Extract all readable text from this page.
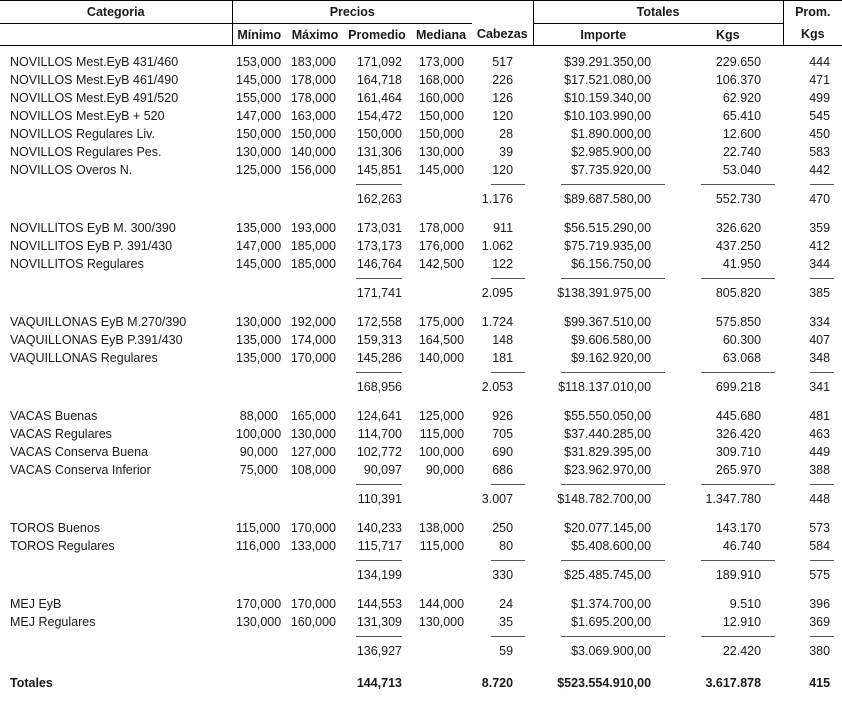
Categoria	Precios					Totales		Prom.
	Mínimo	Máximo	Promedio	Mediana	Cabezas	Importe	Kgs	Kgs

NOVILLOS Mest.EyB 431/460	153,000	183,000	171,092	173,000	517	$39.291.350,00	229.650	444
NOVILLOS Mest.EyB 461/490	145,000	178,000	164,718	168,000	226	$17.521.080,00	106.370	471
NOVILLOS Mest.EyB 491/520	155,000	178,000	161,464	160,000	126	$10.159.340,00	62.920	499
NOVILLOS Mest.EyB + 520	147,000	163,000	154,472	150,000	120	$10.103.990,00	65.410	545
NOVILLOS Regulares Liv.	150,000	150,000	150,000	150,000	28	$1.890.000,00	12.600	450
NOVILLOS Regulares Pes.	130,000	140,000	131,306	130,000	39	$2.985.900,00	22.740	583
NOVILLOS Overos N.	125,000	156,000	145,851	145,000	120	$7.735.920,00	53.040	442

			162,263		1.176	$89.687.580,00	552.730	470

NOVILLITOS EyB M. 300/390	135,000	193,000	173,031	178,000	911	$56.515.290,00	326.620	359
NOVILLITOS EyB P. 391/430	147,000	185,000	173,173	176,000	1.062	$75.719.935,00	437.250	412
NOVILLITOS Regulares	145,000	185,000	146,764	142,500	122	$6.156.750,00	41.950	344

			171,741		2.095	$138.391.975,00	805.820	385

VAQUILLONAS EyB M.270/390	130,000	192,000	172,558	175,000	1.724	$99.367.510,00	575.850	334
VAQUILLONAS EyB P.391/430	135,000	174,000	159,313	164,500	148	$9.606.580,00	60.300	407
VAQUILLONAS Regulares	135,000	170,000	145,286	140,000	181	$9.162.920,00	63.068	348

			168,956		2.053	$118.137.010,00	699.218	341

VACAS Buenas	88,000	165,000	124,641	125,000	926	$55.550.050,00	445.680	481
VACAS Regulares	100,000	130,000	114,700	115,000	705	$37.440.285,00	326.420	463
VACAS Conserva Buena	90,000	127,000	102,772	100,000	690	$31.829.395,00	309.710	449
VACAS Conserva Inferior	75,000	108,000	90,097	90,000	686	$23.962.970,00	265.970	388

			110,391		3.007	$148.782.700,00	1.347.780	448

TOROS Buenos	115,000	170,000	140,233	138,000	250	$20.077.145,00	143.170	573
TOROS Regulares	116,000	133,000	115,717	115,000	80	$5.408.600,00	46.740	584

			134,199		330	$25.485.745,00	189.910	575

MEJ EyB	170,000	170,000	144,553	144,000	24	$1.374.700,00	9.510	396
MEJ Regulares	130,000	160,000	131,309	130,000	35	$1.695.200,00	12.910	369

			136,927		59	$3.069.900,00	22.420	380

Totales			144,713		8.720	$523.554.910,00	3.617.878	415
